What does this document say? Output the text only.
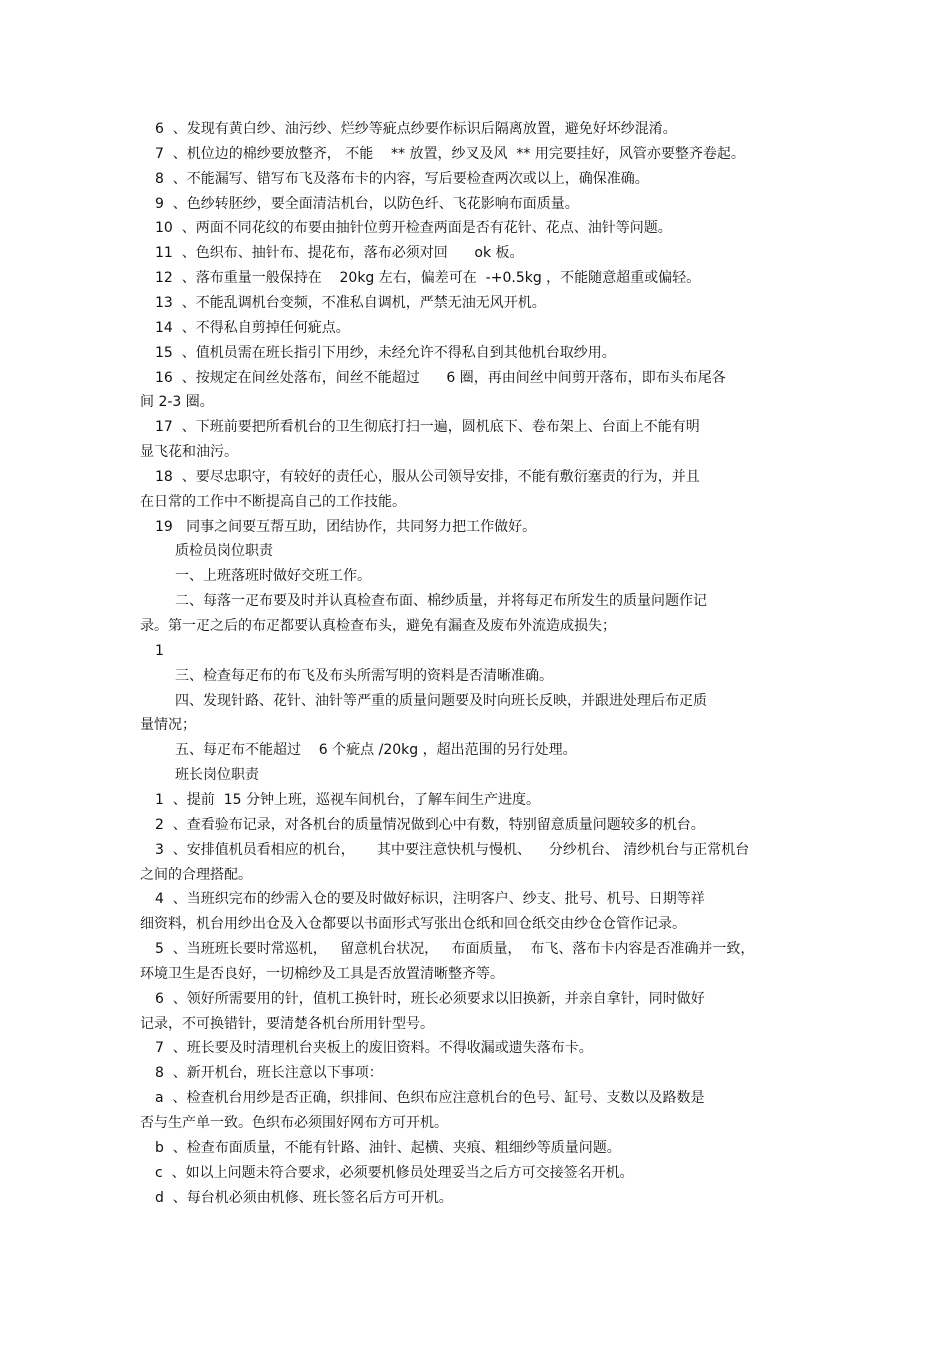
6  、发现有黄白纱、油污纱、烂纱等疵点纱要作标识后隔离放置，避免好坏纱混淆。
7  、机位边的棉纱要放整齐， 不能    ** 放置，纱叉及风  ** 用完要挂好，风管亦要整齐卷起。
8  、不能漏写、错写布飞及落布卡的内容，写后要检查两次或以上，确保准确。
9  、色纱转胚纱，要全面清洁机台，以防色纤、飞花影响布面质量。
10  、两面不同花纹的布要由抽针位剪开检查两面是否有花针、花点、油针等问题。
11  、色织布、抽针布、提花布，落布必须对回      ok 板。
12  、落布重量一般保持在    20kg 左右，偏差可在  -+0.5kg ，不能随意超重或偏轻。
13  、不能乱调机台变频，不准私自调机，严禁无油无风开机。
14  、不得私自剪掉任何疵点。
15  、值机员需在班长指引下用纱，未经允许不得私自到其他机台取纱用。
16  、按规定在间丝处落布，间丝不能超过      6 圈，再由间丝中间剪开落布，即布头布尾各
间 2-3 圈。
17  、下班前要把所看机台的卫生彻底打扫一遍，圆机底下、卷布架上、台面上不能有明
显飞花和油污。
18  、要尽忠职守，有较好的责任心，服从公司领导安排，不能有敷衍塞责的行为，并且
在日常的工作中不断提高自己的工作技能。
19   同事之间要互帮互助，团结协作，共同努力把工作做好。
质检员岗位职责
一、上班落班时做好交班工作。
二、每落一疋布要及时并认真检查布面、棉纱质量，并将每疋布所发生的质量问题作记
录。第一疋之后的布疋都要认真检查布头，避免有漏查及废布外流造成损失；
1
三、检查每疋布的布飞及布头所需写明的资料是否清晰准确。
四、发现针路、花针、油针等严重的质量问题要及时向班长反映，并跟进处理后布疋质
量情况；
五、每疋布不能超过    6 个疵点 /20kg ，超出范围的另行处理。
班长岗位职责
1  、提前  15 分钟上班，巡视车间机台，了解车间生产进度。
2  、查看验布记录，对各机台的质量情况做到心中有数，特别留意质量问题较多的机台。
3  、安排值机员看相应的机台，     其中要注意快机与慢机、    分纱机台、 清纱机台与正常机台
之间的合理搭配。
4  、当班织完布的纱需入仓的要及时做好标识，注明客户、纱支、批号、机号、日期等祥
细资料，机台用纱出仓及入仓都要以书面形式写张出仓纸和回仓纸交由纱仓仓管作记录。
5  、当班班长要时常巡机，   留意机台状况，   布面质量，  布飞、落布卡内容是否准确并一致，
环境卫生是否良好，一切棉纱及工具是否放置清晰整齐等。
6  、领好所需要用的针，值机工换针时，班长必须要求以旧换新，并亲自拿针，同时做好
记录，不可换错针，要清楚各机台所用针型号。
7  、班长要及时清理机台夹板上的废旧资料。不得收漏或遗失落布卡。
8  、新开机台，班长注意以下事项：
a  、检查机台用纱是否正确，织排间、色织布应注意机台的色号、缸号、支数以及路数是
否与生产单一致。色织布必须围好网布方可开机。
b  、检查布面质量，不能有针路、油针、起横、夹痕、粗细纱等质量问题。
c  、如以上问题未符合要求，必须要机修员处理妥当之后方可交接签名开机。
d  、每台机必须由机修、班长签名后方可开机。
